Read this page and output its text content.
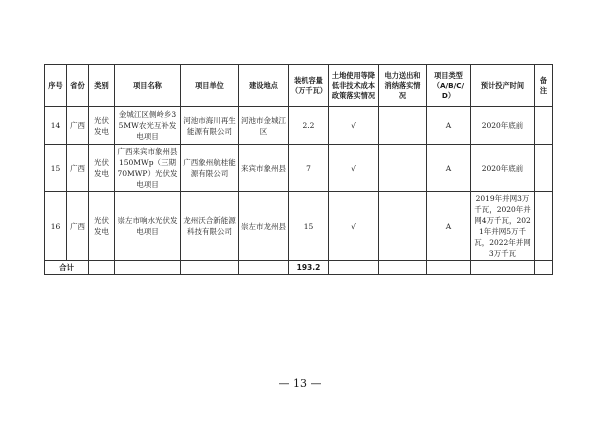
序号	省份	类别	项目名称	项目单位	建设地点	装机容量（万千瓦）	土地使用等降低非技术成本政策落实情况	电力送出和消纳落实情况	项目类型（A/B/C/D）	预计投产时间	备注
14	广西	光伏发电	金城江区侧岭乡35MW农光互补发电项目	河池市海川再生能源有限公司	河池市金城江区	2.2	√		A	2020年底前	
15	广西	光伏发电	广西来宾市象州县150MWp（三期70MWP）光伏发电项目	广西象州航桂能源有限公司	来宾市象州县	7	√		A	2020年底前	
16	广西	光伏发电	崇左市响水光伏发电项目	龙州沃合新能源科技有限公司	崇左市龙州县	15	√		A	2019年并网3万千瓦，2020年并网4万千瓦，2021年并网5万千瓦，2022年并网3万千瓦	
合计						193.2					
— 13 —
